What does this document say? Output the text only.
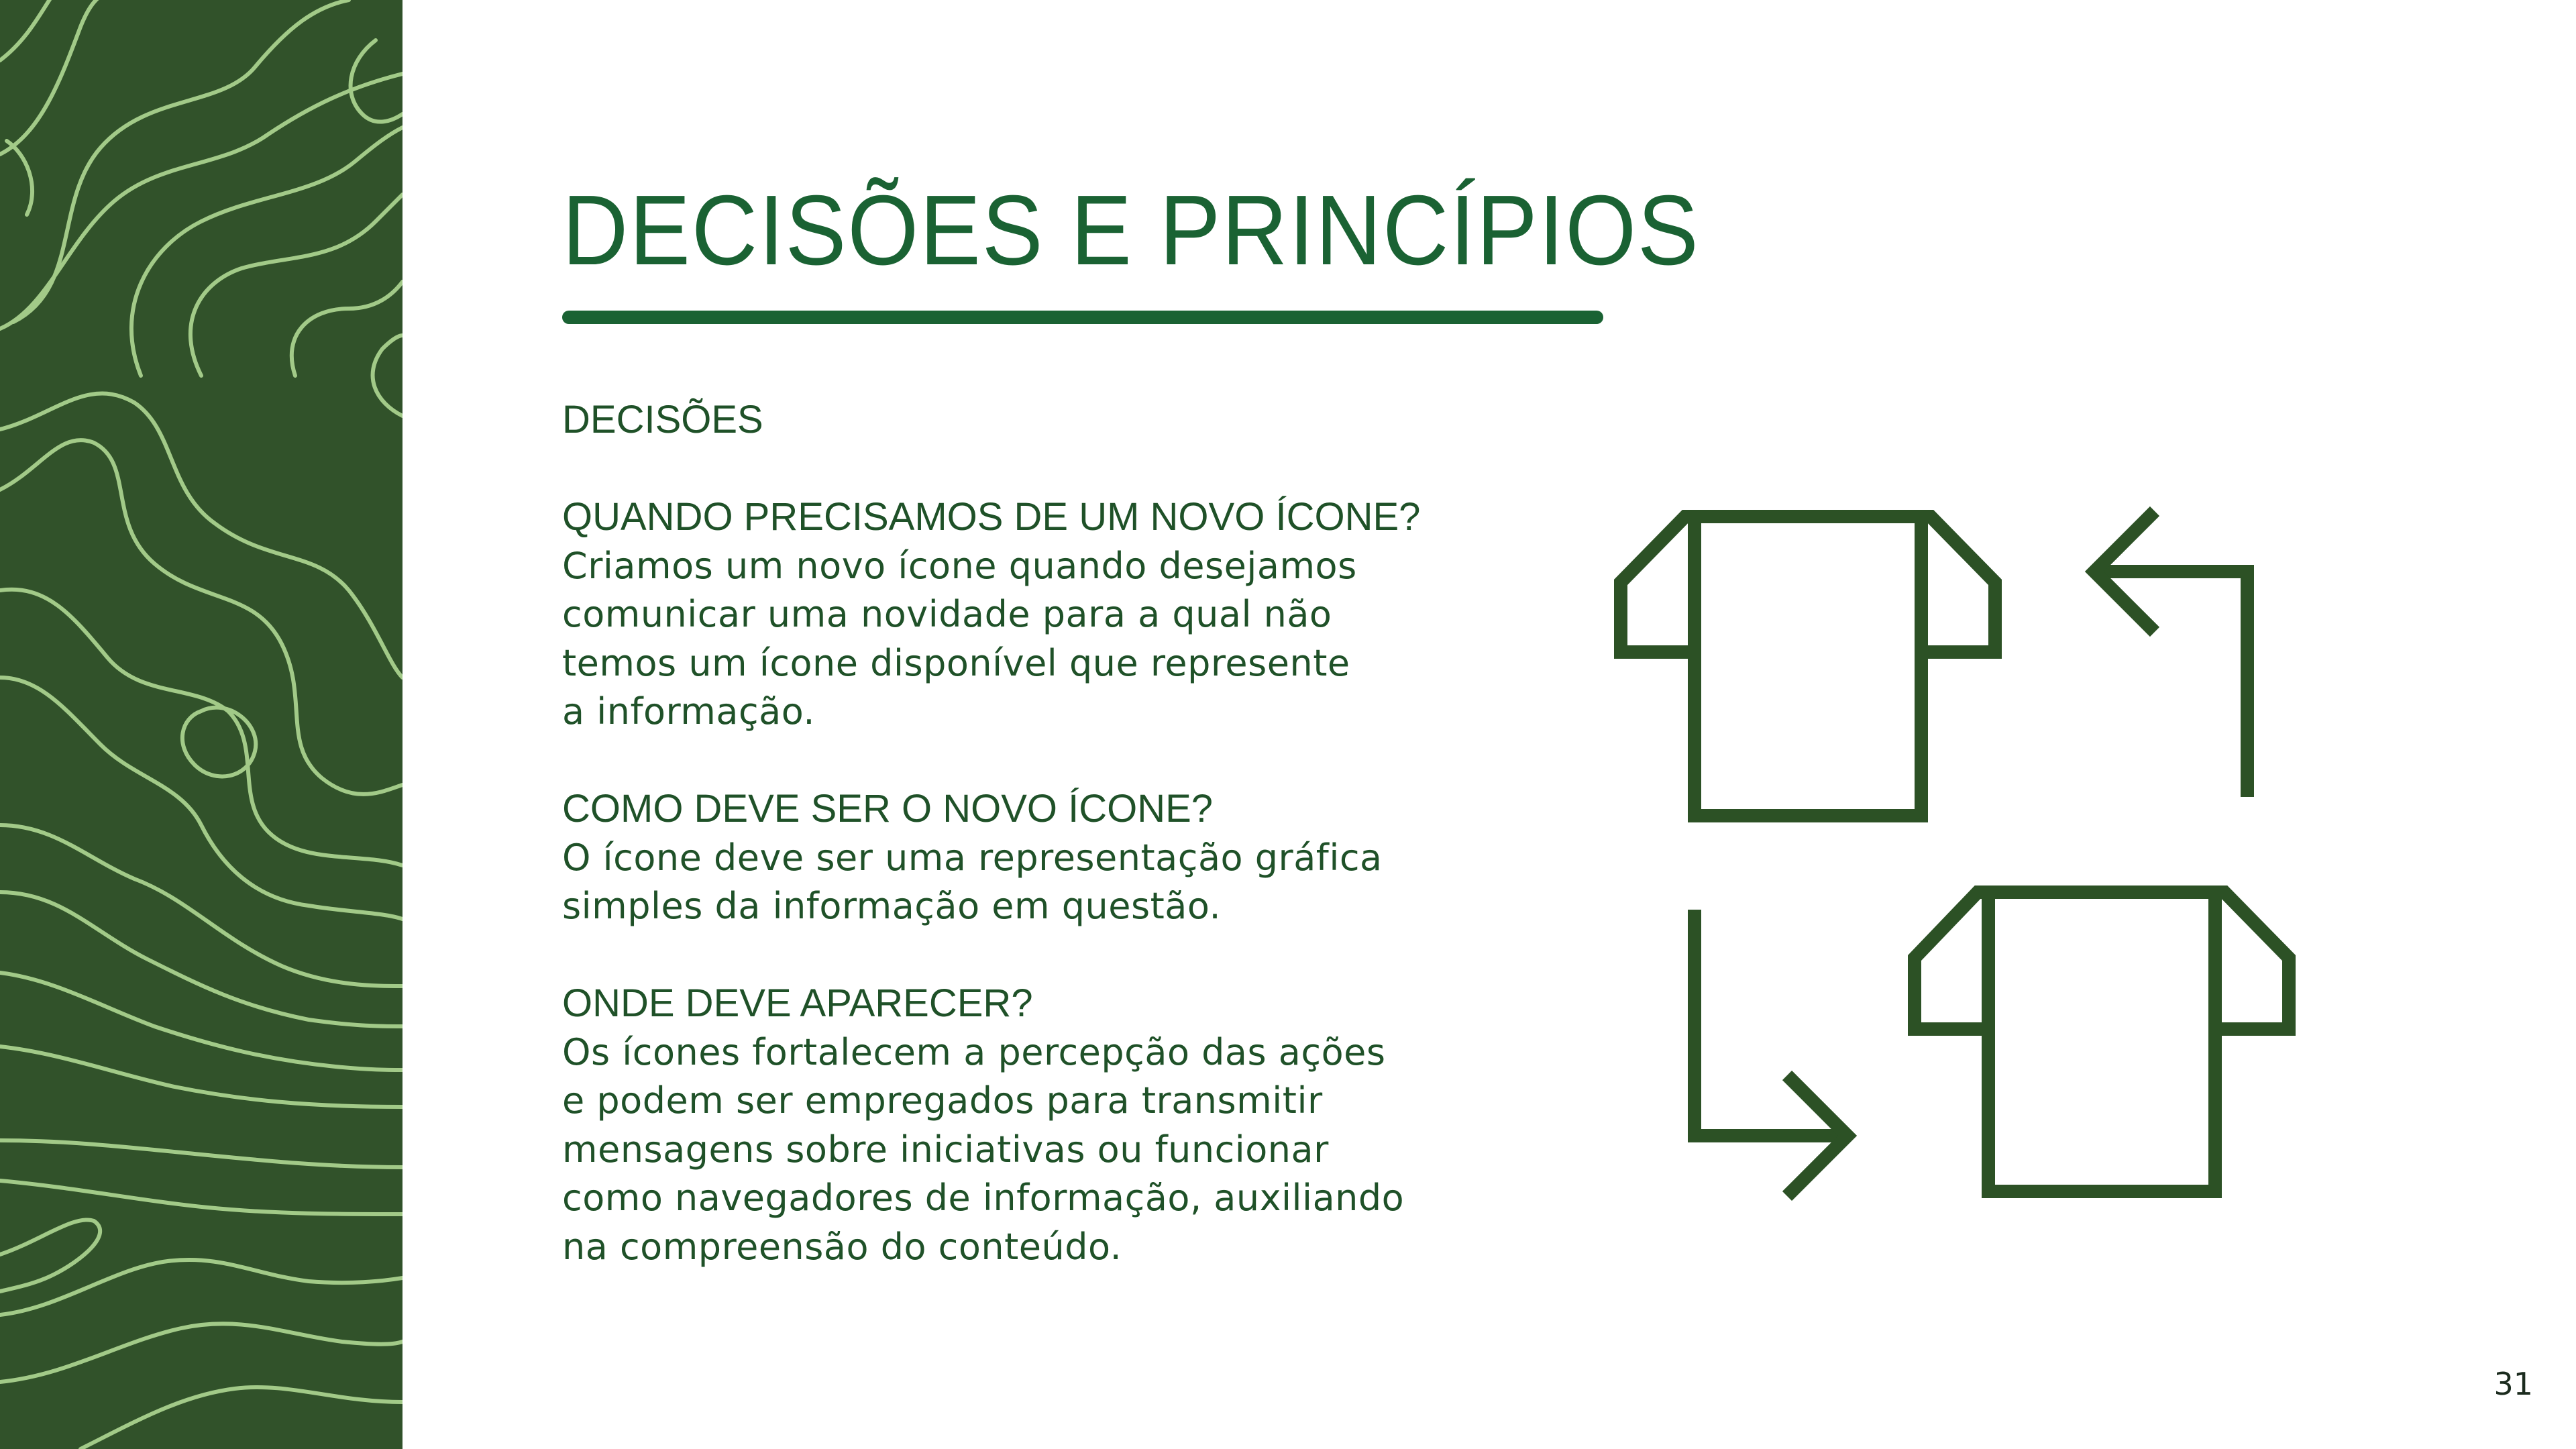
DECISÕES E PRINCÍPIOS
DECISÕES
QUANDO PRECISAMOS DE UM NOVO ÍCONE?
Criamos um novo ícone quando desejamos
comunicar uma novidade para a qual não
temos um ícone disponível que represente
a informação.
COMO DEVE SER O NOVO ÍCONE?
O ícone deve ser uma representação gráfica
simples da informação em questão.
ONDE DEVE APARECER?
Os ícones fortalecem a percepção das ações
e podem ser empregados para transmitir
mensagens sobre iniciativas ou funcionar
como navegadores de informação, auxiliando
na compreensão do conteúdo.
31
